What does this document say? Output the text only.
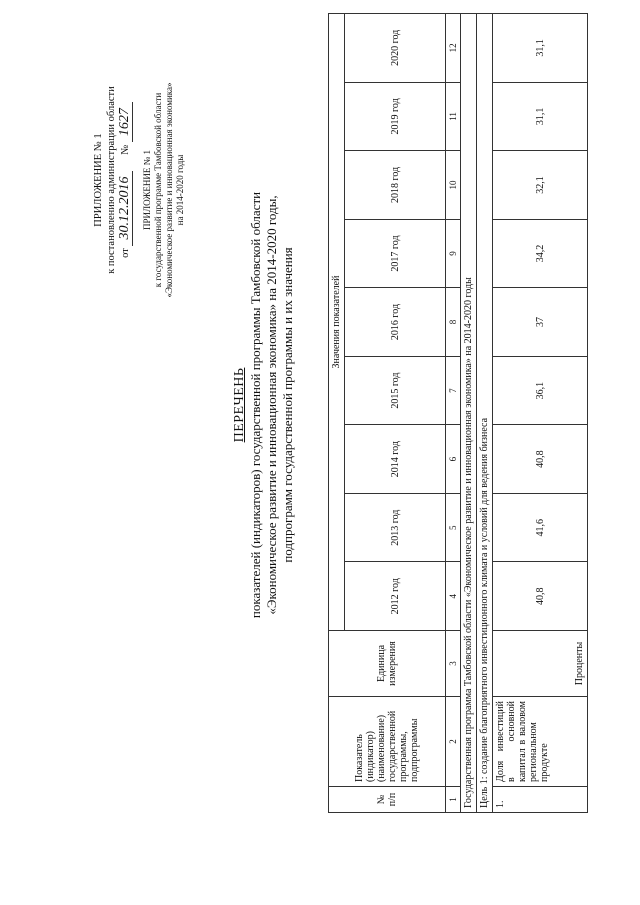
ПРИЛОЖЕНИЕ № 1 к постановлению администрации области от 30.12.2016      № 1627
ПРИЛОЖЕНИЕ № 1 к государственной программе Тамбовской области «Экономическое развитие и инновационная экономика» на 2014-2020 годы
ПЕРЕЧЕНЬ показателей (индикаторов) государственной программы Тамбовской области «Экономическое развитие и инновационная экономика» на 2014-2020 годы, подпрограмм государственной программы и их значения
№ п/п	Показатель (индикатор) (наименование) государственной программы, подпрограммы	Единица измерения	Значения показателей								
			2012 год	2013 год	2014 год	2015 год	2016 год	2017 год	2018 год	2019 год	2020 год
1	2	3	4	5	6	7	8	9	10	11	12
Государственная программа Тамбовской области «Экономическое развитие и инновационная экономика» на 2014-2020 годы											
Цель 1: создание благоприятного инвестиционного климата и условий для ведения бизнеса											
1.	Доля инвестиций в основной капитал в валовом региональном продукте	Проценты	40,8	41,6	40,8	36,1	37	34,2	32,1	31,1	31,1
